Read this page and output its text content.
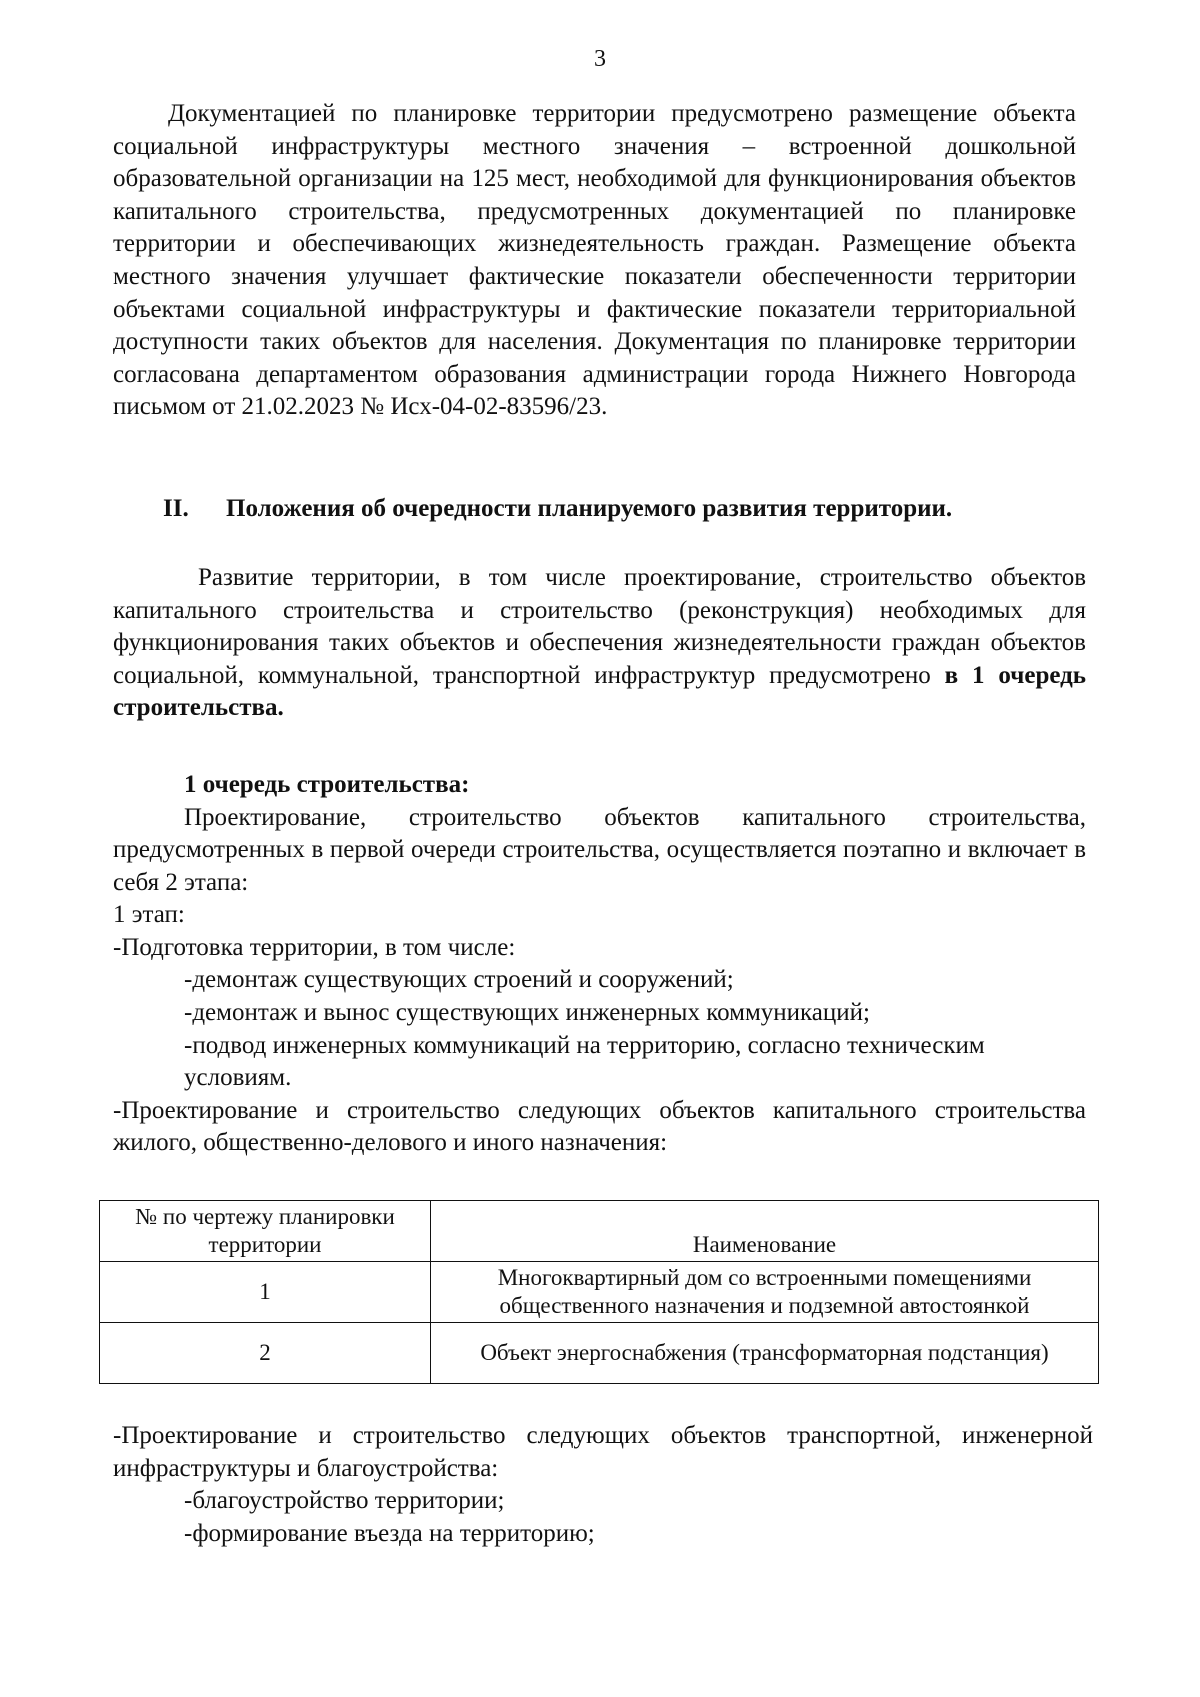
3

Документацией по планировке территории предусмотрено размещение объекта социальной инфраструктуры местного значения – встроенной дошкольной образовательной организации на 125 мест, необходимой для функционирования объектов капитального строительства, предусмотренных документацией по планировке территории и обеспечивающих жизнедеятельность граждан. Размещение объекта местного значения улучшает фактические показатели обеспеченности территории объектами социальной инфраструктуры и фактические показатели территориальной доступности таких объектов для населения. Документация по планировке территории согласована департаментом образования администрации города Нижнего Новгорода письмом от 21.02.2023 № Исх-04-02-83596/23.

II.	Положения об очередности планируемого развития территории.

Развитие территории, в том числе проектирование, строительство объектов капитального строительства и строительство (реконструкция) необходимых для функционирования таких объектов и обеспечения жизнедеятельности граждан объектов социальной, коммунальной, транспортной инфраструктур предусмотрено в 1 очередь строительства.

1 очередь строительства:

Проектирование, строительство объектов капитального строительства, предусмотренных в первой очереди строительства, осуществляется поэтапно и включает в себя 2 этапа:

1 этап:

-Подготовка территории, в том числе:

-демонтаж существующих строений и сооружений;

-демонтаж и вынос существующих инженерных коммуникаций;

-подвод инженерных коммуникаций на территорию, согласно техническим условиям.

-Проектирование и строительство следующих объектов капитального строительства жилого, общественно-делового и иного назначения:

№ по чертежу планировки территории	Наименование
1	Многоквартирный дом со встроенными помещениями общественного назначения и подземной автостоянкой
2	Объект энергоснабжения (трансформаторная подстанция)

-Проектирование и строительство следующих объектов транспортной, инженерной инфраструктуры и благоустройства:

-благоустройство территории;

-формирование въезда на территорию;
